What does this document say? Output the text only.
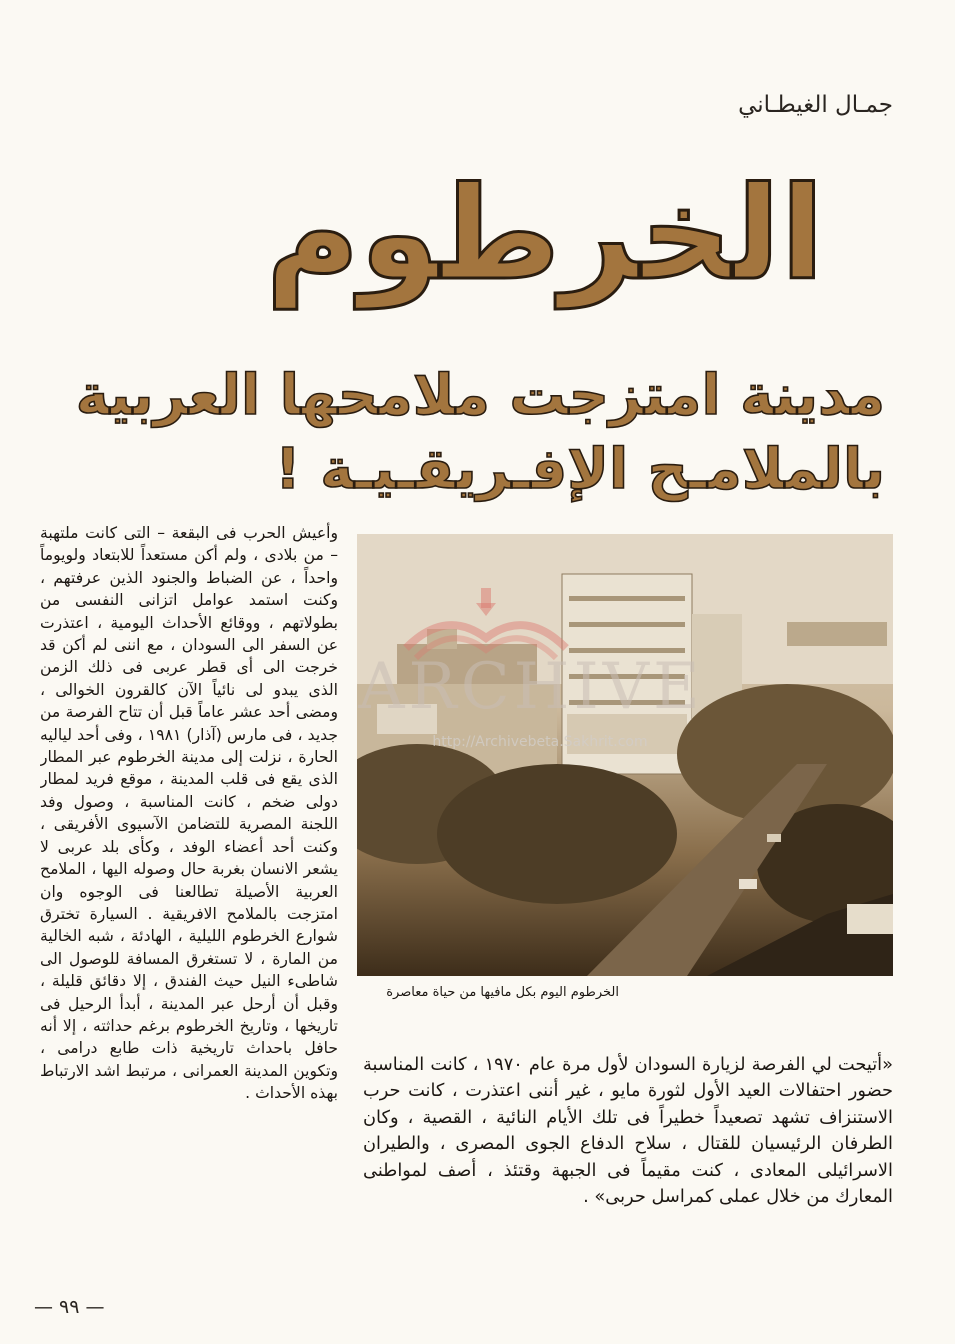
جمـال الغيطـاني
الخرطوم
مدينة امتزجت ملامحها العربية
بالملامـح الإفـريقـيـة !
وأعيش الحرب فى البقعة – التى كانت ملتهبة – من بلادى ، ولم أكن مستعداً للابتعاد ولويوماً واحداً ، عن الضباط والجنود الذين عرفتهم ، وكنت استمد عوامل اتزانى النفسى من بطولاتهم ، ووقائع الأحداث اليومية ، اعتذرت عن السفر الى السودان ، مع اننى لم أكن قد خرجت الى أى قطر عربى فى ذلك الزمن الذى يبدو لى نائياً الآن كالقرون الخوالى ، ومضى أحد عشر عاماً قبل أن تتاح الفرصة من جديد ، فى مارس (آذار) ١٩٨١ ، وفى أحد لياليه الحارة ، نزلت إلى مدينة الخرطوم عبر المطار الذى يقع فى قلب المدينة ، موقع فريد لمطار دولى ضخم ، كانت المناسبة ، وصول وفد اللجنة المصرية للتضامن الآسيوى الأفريقى ، وكنت أحد أعضاء الوفد ، وكأى بلد عربى لا يشعر الانسان بغربة حال وصوله اليها ، الملامح العربية الأصيلة تطالعنا فى الوجوه وان امتزجت بالملامح الافريقية . السيارة تخترق شوارع الخرطوم الليلية ، الهادئة ، شبه الخالية من المارة ، لا تستغرق المسافة للوصول الى شاطىء النيل حيث الفندق ، إلا دقائق قليلة ، وقبل أن أرحل عبر المدينة ، أبدأ الرحيل فى تاريخها ، وتاريخ الخرطوم برغم حداثته ، إلا أنه حافل باحداث تاريخية ذات طابع درامى ، وتكوين المدينة العمرانى ، مرتبط اشد الارتباط بهذه الأحداث .
الخرطوم اليوم بكل مافيها من حياة معاصرة
«أتيحت لي الفرصة لزيارة السودان لأول مرة عام ١٩٧٠ ، كانت المناسبة حضور احتفالات العيد الأول لثورة مايو ، غير أننى اعتذرت ، كانت حرب الاستنزاف تشهد تصعيداً خطيراً فى تلك الأيام النائية ، القصية ، وكان الطرفان الرئيسيان للقتال ، سلاح الدفاع الجوى المصرى ، والطيران الاسرائيلى المعادى ، كنت مقيماً فى الجبهة وقتئذ ، أصف لمواطنى المعارك من خلال عملى كمراسل حربى» .
ARCHIVE
http://Archivebeta.Sakhrit.com
— ٩٩ —
